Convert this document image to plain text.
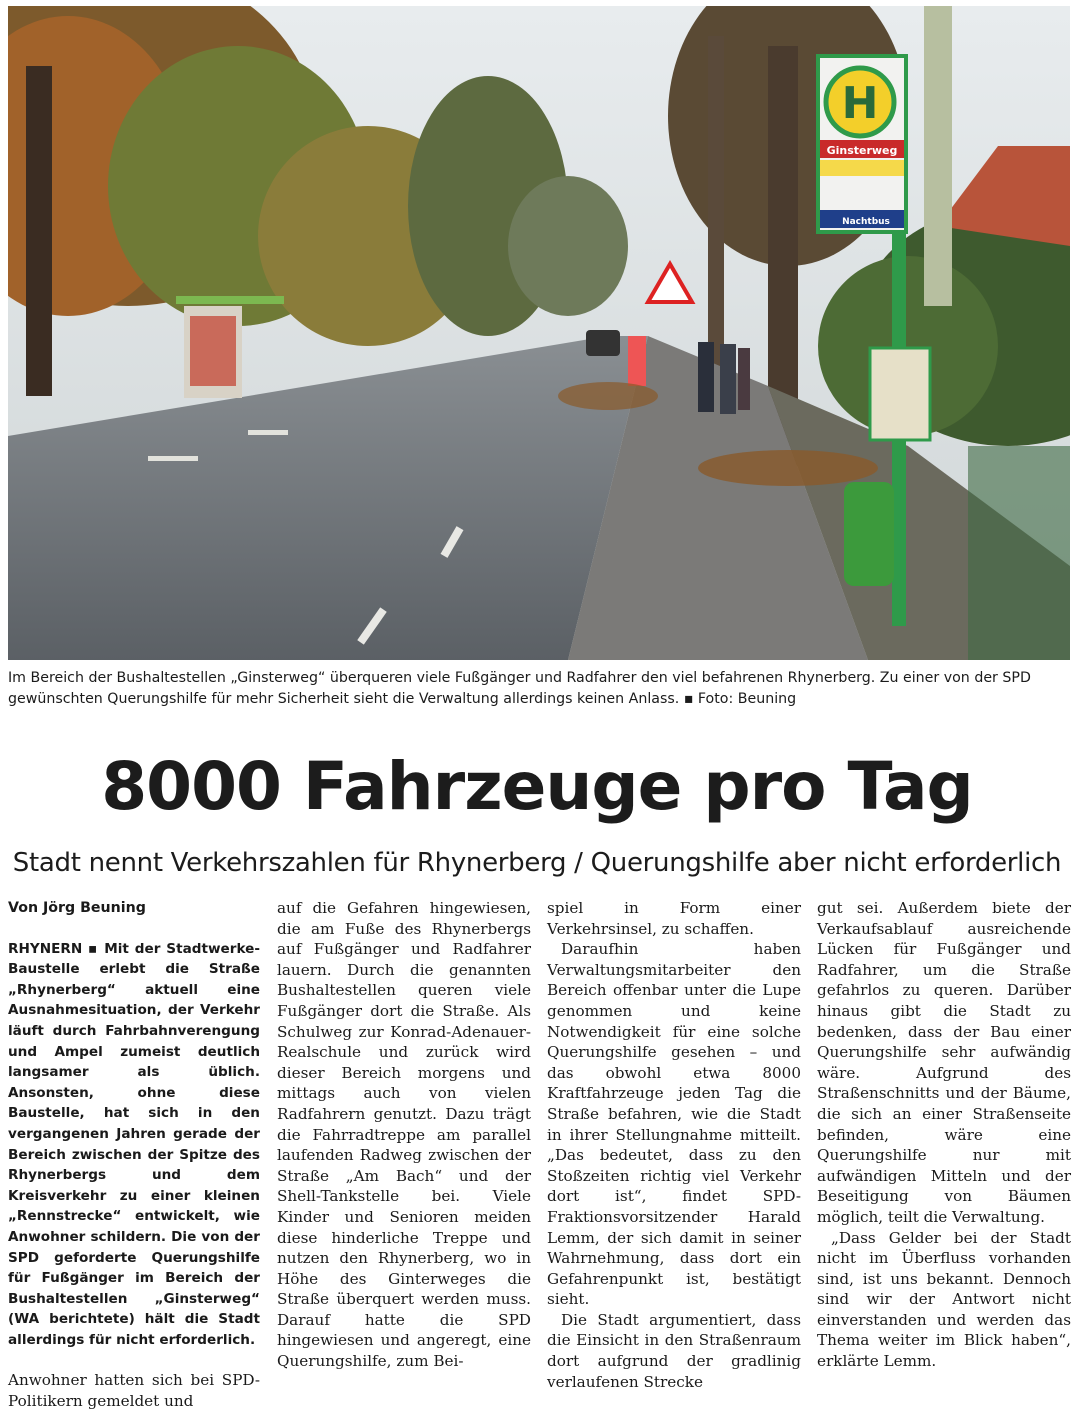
H
Ginsterweg
Nachtbus
Im Bereich der Bushaltestellen „Ginsterweg“ überqueren viele Fußgänger und Radfahrer den viel befahrenen Rhynerberg. Zu einer von der SPD gewünschten Querungshilfe für mehr Sicherheit sieht die Verwaltung allerdings keinen Anlass. ▪ Foto: Beuning
8000 Fahrzeuge pro Tag
Stadt nennt Verkehrszahlen für Rhynerberg / Querungshilfe aber nicht erforderlich

Von Jörg Beuning

RHYNERN ▪ Mit der Stadtwerke-Baustelle erlebt die Straße „Rhynerberg“ aktuell eine Ausnahmesituation, der Verkehr läuft durch Fahrbahnverengung und Ampel zumeist deutlich langsamer als üblich. Ansonsten, ohne diese Baustelle, hat sich in den vergangenen Jahren gerade der Bereich zwischen der Spitze des Rhynerbergs und dem Kreisverkehr zu einer kleinen „Rennstrecke“ entwickelt, wie Anwohner schildern. Die von der SPD geforderte Querungshilfe für Fußgänger im Bereich der Bushaltestellen „Ginsterweg“ (WA berichtete) hält die Stadt allerdings für nicht erforderlich.

Anwohner hatten sich bei SPD-Politikern gemeldet und

auf die Gefahren hingewiesen, die am Fuße des Rhynerbergs auf Fußgänger und Radfahrer lauern. Durch die genannten Bushaltestellen queren viele Fußgänger dort die Straße. Als Schulweg zur Konrad-Adenauer-Realschule und zurück wird dieser Bereich morgens und mittags auch von vielen Radfahrern genutzt. Dazu trägt die Fahrradtreppe am parallel laufenden Radweg zwischen der Straße „Am Bach“ und der Shell-Tankstelle bei. Viele Kinder und Senioren meiden diese hinderliche Treppe und nutzen den Rhynerberg, wo in Höhe des Ginterweges die Straße überquert werden muss. Darauf hatte die SPD hingewiesen und angeregt, eine Querungshilfe, zum Bei-

spiel in Form einer Verkehrsinsel, zu schaffen.

Daraufhin haben Verwaltungsmitarbeiter den Bereich offenbar unter die Lupe genommen und keine Notwendigkeit für eine solche Querungshilfe gesehen – und das obwohl etwa 8000 Kraftfahrzeuge jeden Tag die Straße befahren, wie die Stadt in ihrer Stellungnahme mitteilt. „Das bedeutet, dass zu den Stoßzeiten richtig viel Verkehr dort ist“, findet SPD-Fraktionsvorsitzender Harald Lemm, der sich damit in seiner Wahrnehmung, dass dort ein Gefahrenpunkt ist, bestätigt sieht.

Die Stadt argumentiert, dass die Einsicht in den Straßenraum dort aufgrund der gradlinig verlaufenen Strecke

gut sei. Außerdem biete der Verkaufsablauf ausreichende Lücken für Fußgänger und Radfahrer, um die Straße gefahrlos zu queren. Darüber hinaus gibt die Stadt zu bedenken, dass der Bau einer Querungshilfe sehr aufwändig wäre. Aufgrund des Straßenschnitts und der Bäume, die sich an einer Straßenseite befinden, wäre eine Querungshilfe nur mit aufwändigen Mitteln und der Beseitigung von Bäumen möglich, teilt die Verwaltung.

„Dass Gelder bei der Stadt nicht im Überfluss vorhanden sind, ist uns bekannt. Dennoch sind wir der Antwort nicht einverstanden und werden das Thema weiter im Blick haben“, erklärte Lemm.
